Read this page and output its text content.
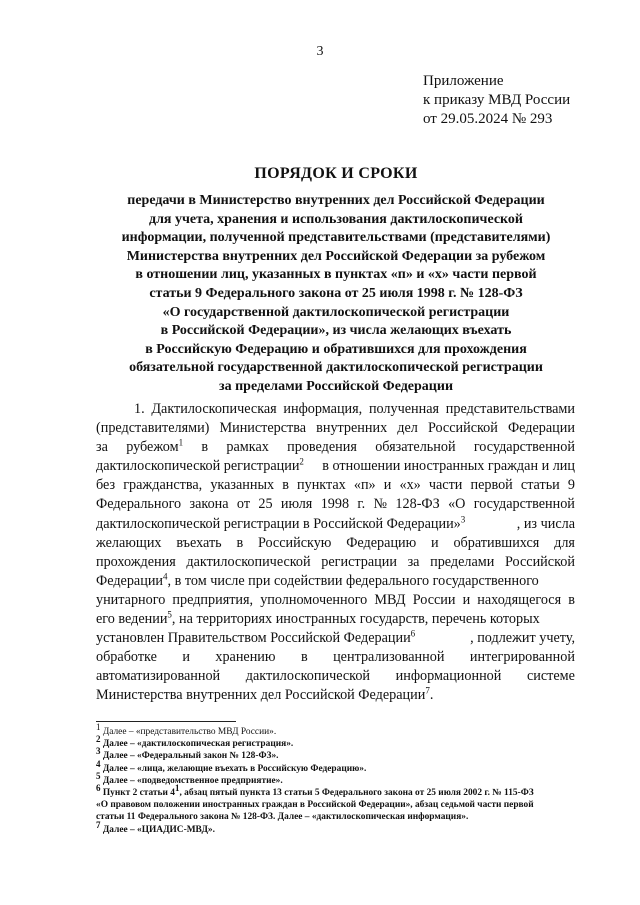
3
Приложение
к приказу МВД России
от 29.05.2024 № 293
ПОРЯДОК И СРОКИ
передачи в Министерство внутренних дел Российской Федерации
для учета, хранения и использования дактилоскопической
информации, полученной представительствами (представителями)
Министерства внутренних дел Российской Федерации за рубежом
в отношении лиц, указанных в пунктах «п» и «х» части первой
статьи 9 Федерального закона от 25 июля 1998 г. № 128-ФЗ
«О государственной дактилоскопической регистрации
в Российской Федерации», из числа желающих въехать
в Российскую Федерацию и обратившихся для прохождения
обязательной государственной дактилоскопической регистрации
за пределами Российской Федерации
1. Дактилоскопическая информация, полученная представительствами
(представителями) Министерства внутренних дел Российской Федерации
за рубежом$^1$ в рамках проведения обязательной государственной
дактилоскопической регистрации$^2$ в отношении иностранных граждан и лиц
без гражданства, указанных в пунктах «п» и «х» части первой статьи 9
Федерального закона от 25 июля 1998 г. № 128-ФЗ «О государственной
дактилоскопической регистрации в Российской Федерации»$^3$	, из числа
желающих въехать в Российскую Федерацию и обратившихся для
прохождения дактилоскопической регистрации за пределами Российской
Федерации$^4$, в том числе при содействии федерального государственного
унитарного предприятия, уполномоченного МВД России и находящегося в
его ведении$^5$, на территориях иностранных государств, перечень которых
установлен Правительством Российской Федерации$^6$	, подлежит учету,
обработке и хранению в централизованной интегрированной
автоматизированной дактилоскопической информационной системе
Министерства внутренних дел Российской Федерации$^7$.
$^1$ Далее – «представительство МВД России».
$^2$ Далее – «дактилоскопическая регистрация».
$^3$ Далее – «Федеральный закон № 128-ФЗ».
$^4$ Далее – «лица, желающие въехать в Российскую Федерацию».
$^5$ Далее – «подведомственное предприятие».
$^6$ Пункт 2 статьи $4^1$, абзац пятый пункта 13 статьи 5 Федерального закона от 25 июля 2002 г. № 115-ФЗ
«О правовом положении иностранных граждан в Российской Федерации», абзац седьмой части первой
статьи 11 Федерального закона № 128-ФЗ. Далее – «дактилоскопическая информация».
$^7$ Далее – «ЦИАДИС-МВД».
